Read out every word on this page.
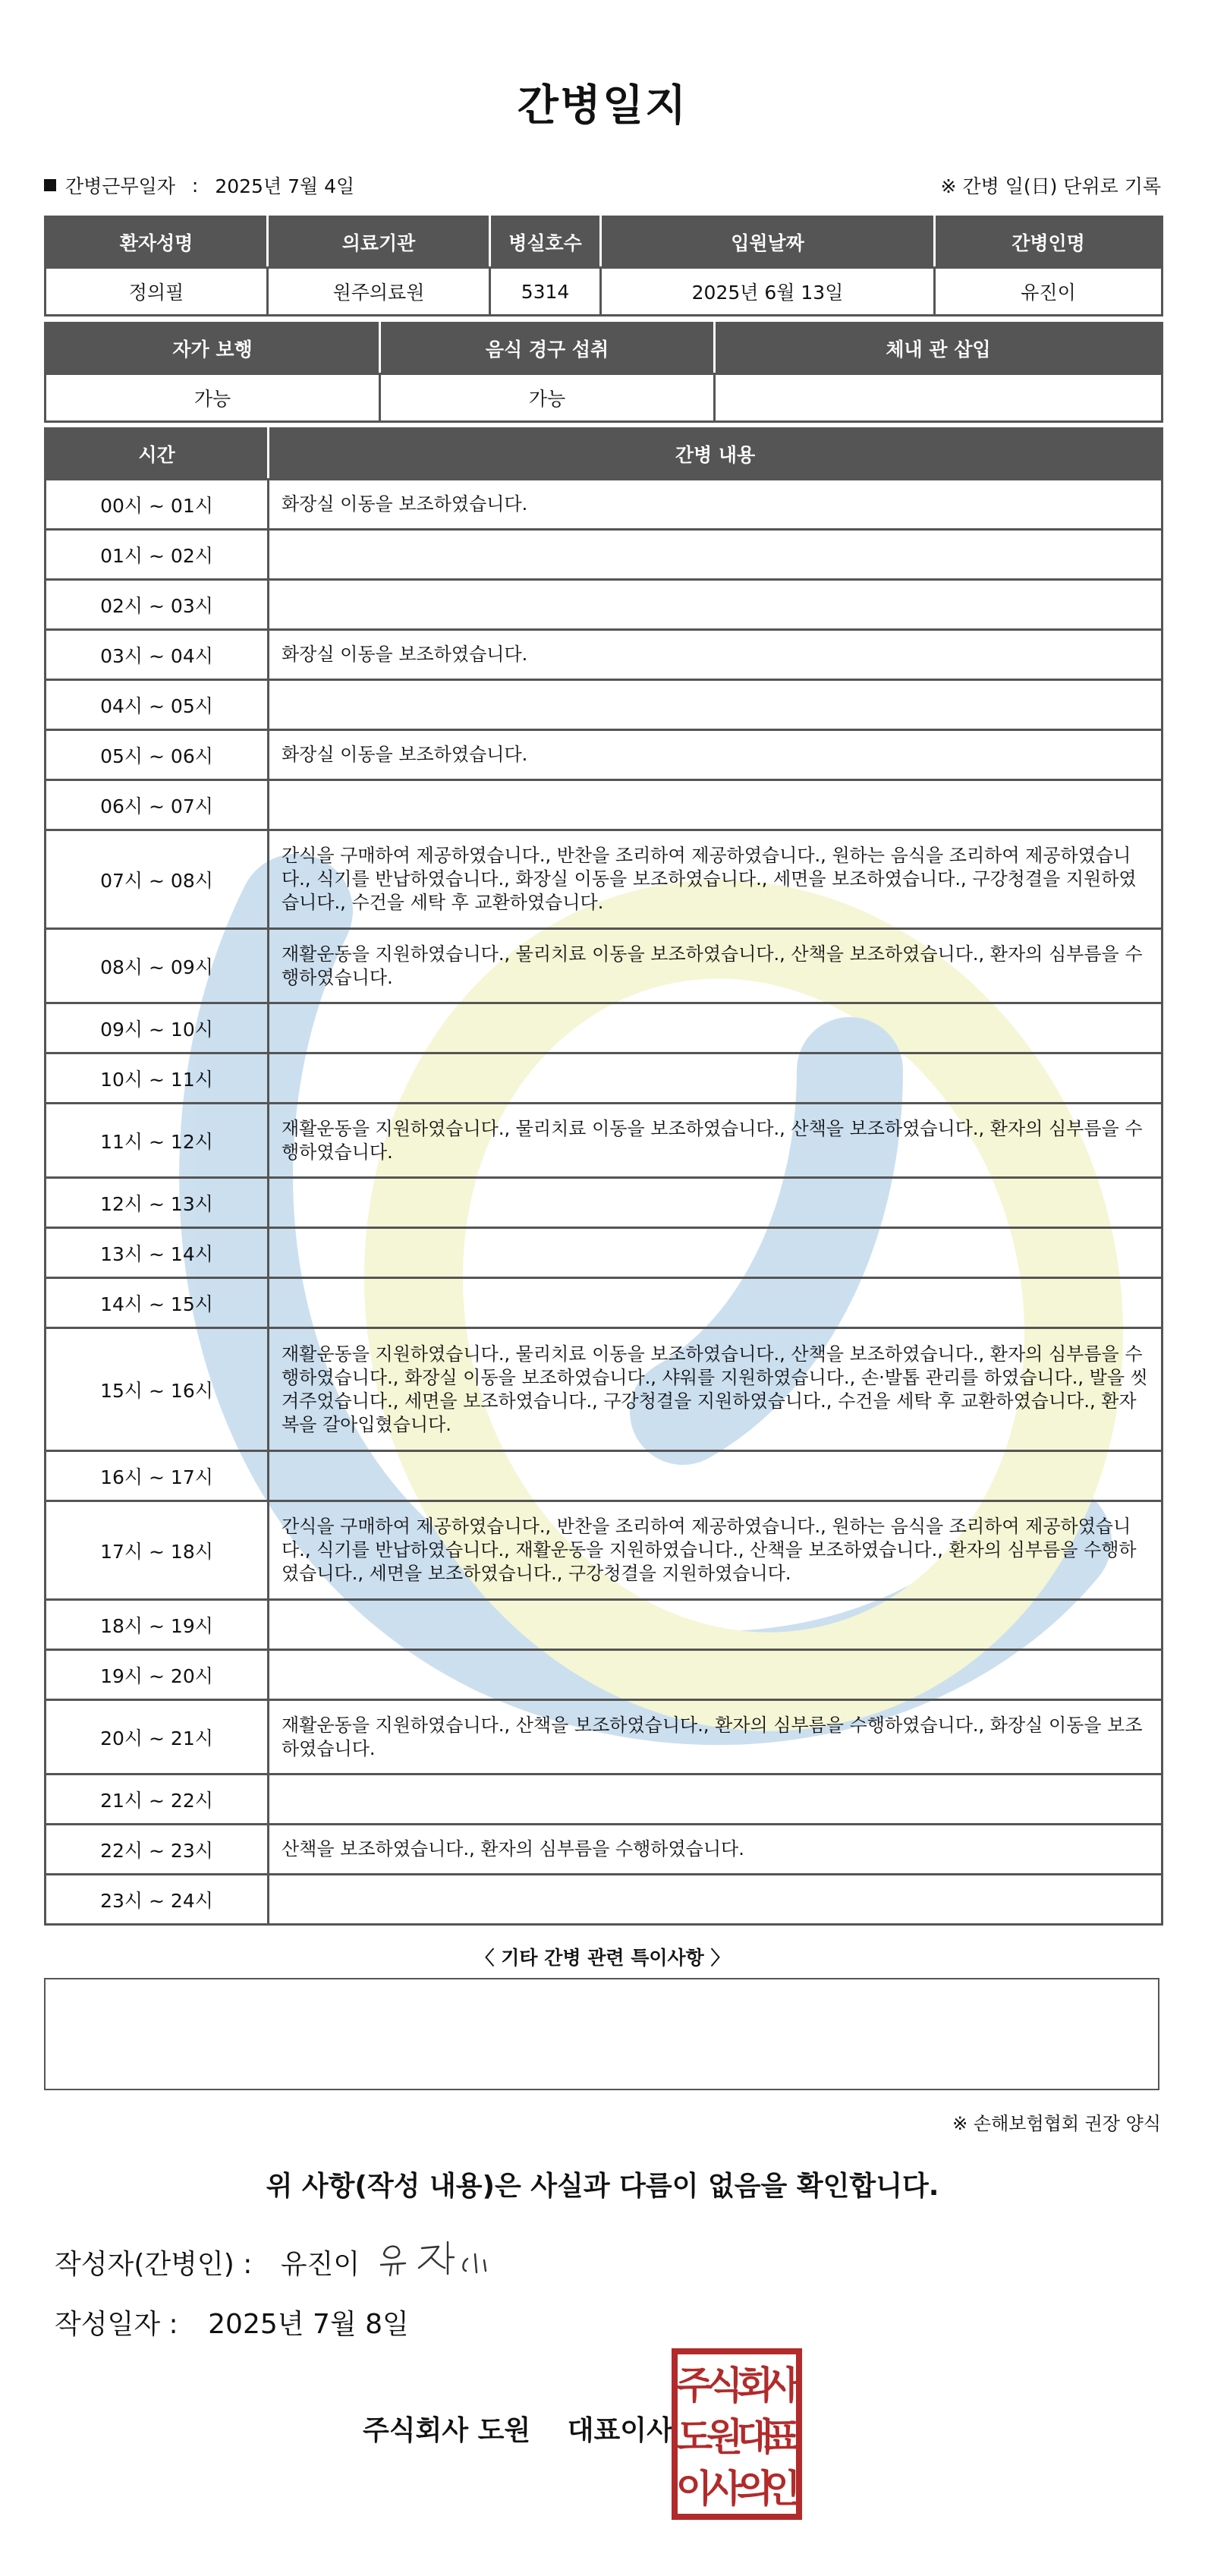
간병일지
간병근무일자 : 2025년 7월 4일	※ 간병 일(日) 단위로 기록
환자성명	의료기관	병실호수	입원날짜	간병인명
정의필	원주의료원	5314	2025년 6월 13일	유진이
자가 보행	음식 경구 섭취	체내 관 삽입
가능	가능	
시간	간병 내용
00시 ~ 01시	화장실 이동을 보조하였습니다.
01시 ~ 02시	
02시 ~ 03시	
03시 ~ 04시	화장실 이동을 보조하였습니다.
04시 ~ 05시	
05시 ~ 06시	화장실 이동을 보조하였습니다.
06시 ~ 07시	
07시 ~ 08시	간식을 구매하여 제공하였습니다., 반찬을 조리하여 제공하였습니다., 원하는 음식을 조리하여 제공하였습니다., 식기를 반납하였습니다., 화장실 이동을 보조하였습니다., 세면을 보조하였습니다., 구강청결을 지원하였습니다., 수건을 세탁 후 교환하였습니다.
08시 ~ 09시	재활운동을 지원하였습니다., 물리치료 이동을 보조하였습니다., 산책을 보조하였습니다., 환자의 심부름을 수행하였습니다.
09시 ~ 10시	
10시 ~ 11시	
11시 ~ 12시	재활운동을 지원하였습니다., 물리치료 이동을 보조하였습니다., 산책을 보조하였습니다., 환자의 심부름을 수행하였습니다.
12시 ~ 13시	
13시 ~ 14시	
14시 ~ 15시	
15시 ~ 16시	재활운동을 지원하였습니다., 물리치료 이동을 보조하였습니다., 산책을 보조하였습니다., 환자의 심부름을 수행하였습니다., 화장실 이동을 보조하였습니다., 샤워를 지원하였습니다., 손·발톱 관리를 하였습니다., 발을 씻겨주었습니다., 세면을 보조하였습니다., 구강청결을 지원하였습니다., 수건을 세탁 후 교환하였습니다., 환자복을 갈아입혔습니다.
16시 ~ 17시	
17시 ~ 18시	간식을 구매하여 제공하였습니다., 반찬을 조리하여 제공하였습니다., 원하는 음식을 조리하여 제공하였습니다., 식기를 반납하였습니다., 재활운동을 지원하였습니다., 산책을 보조하였습니다., 환자의 심부름을 수행하였습니다., 세면을 보조하였습니다., 구강청결을 지원하였습니다.
18시 ~ 19시	
19시 ~ 20시	
20시 ~ 21시	재활운동을 지원하였습니다., 산책을 보조하였습니다., 환자의 심부름을 수행하였습니다., 화장실 이동을 보조하였습니다.
21시 ~ 22시	
22시 ~ 23시	산책을 보조하였습니다., 환자의 심부름을 수행하였습니다.
23시 ~ 24시	
〈 기타 간병 관련 특이사항 〉
※ 손해보험협회 권장 양식
위 사항(작성 내용)은 사실과 다름이 없음을 확인합니다.
작성자(간병인) : 유진이
작성일자 : 2025년 7월 8일
주식회사 도원 대표이사
주
식
회
사
도
원
대
표
이
사
의
인
